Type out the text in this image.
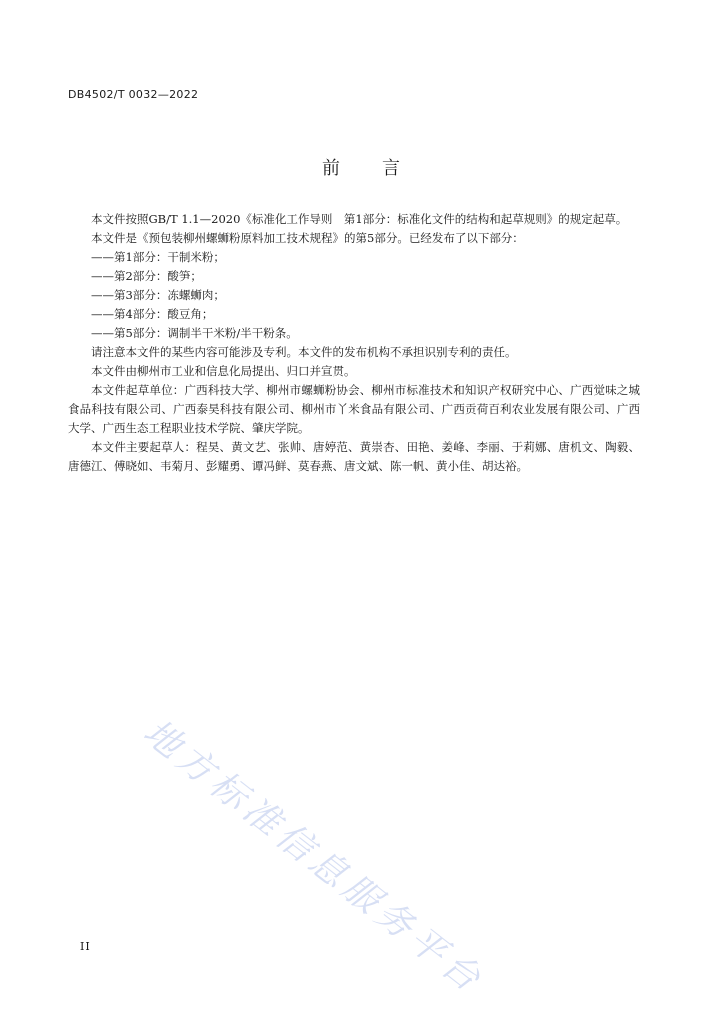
DB4502/T 0032—2022
前　　言

本文件按照GB/T 1.1—2020《标准化工作导则　第1部分：标准化文件的结构和起草规则》的规定起草。

本文件是《预包装柳州螺蛳粉原料加工技术规程》的第5部分。已经发布了以下部分：

——第1部分：干制米粉；

——第2部分：酸笋；

——第3部分：冻螺蛳肉；

——第4部分：酸豆角；

——第5部分：调制半干米粉/半干粉条。

请注意本文件的某些内容可能涉及专利。本文件的发布机构不承担识别专利的责任。

本文件由柳州市工业和信息化局提出、归口并宣贯。

本文件起草单位：广西科技大学、柳州市螺蛳粉协会、柳州市标准技术和知识产权研究中心、广西觉味之城食品科技有限公司、广西泰昊科技有限公司、柳州市丫米食品有限公司、广西贡荷百利农业发展有限公司、广西大学、广西生态工程职业技术学院、肇庆学院。

本文件主要起草人：程昊、黄文艺、张帅、唐婷范、黄崇杏、田艳、姜峰、李丽、于莉娜、唐机文、陶毅、唐德江、傅晓如、韦菊月、彭耀勇、谭冯鲜、莫春燕、唐文斌、陈一帆、黄小佳、胡达裕。

地方标准信息服务平台
II
